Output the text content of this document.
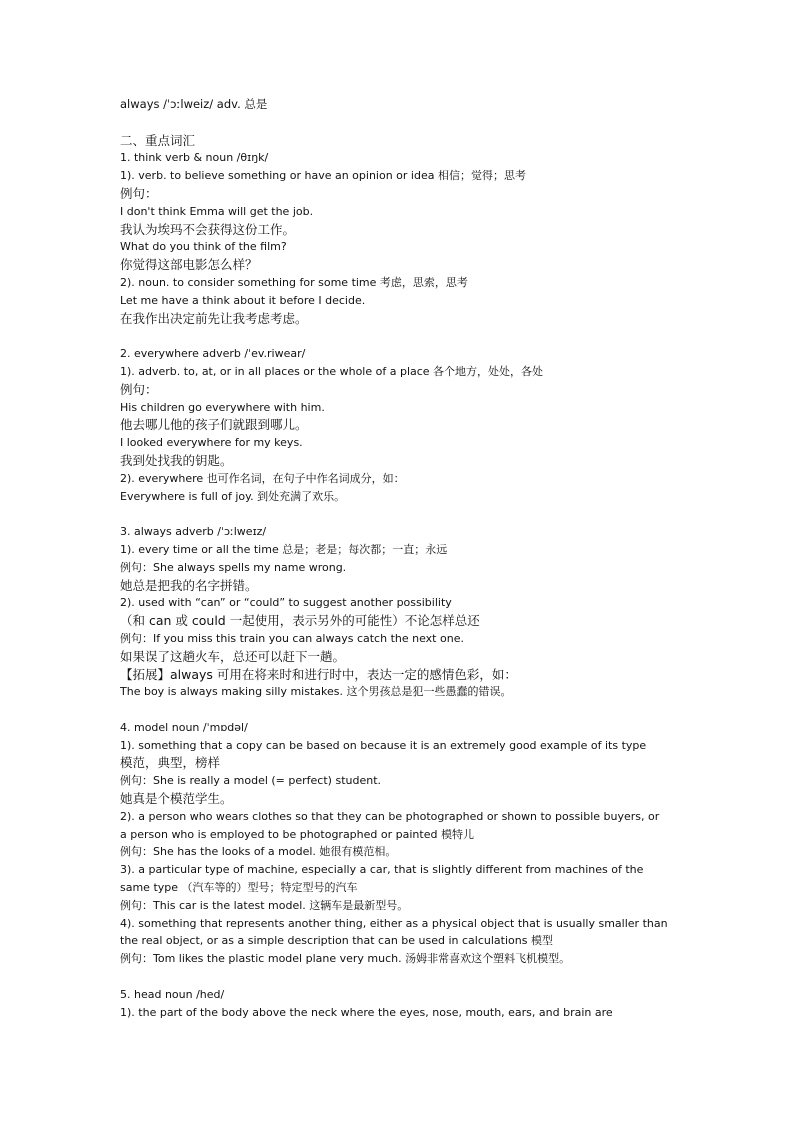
always /ˈɔːlweiz/ adv. 总是
二、重点词汇
1. think verb & noun /θɪŋk/
1). verb. to believe something or have an opinion or idea 相信；觉得；思考
例句：
I don't think Emma will get the job.
我认为埃玛不会获得这份工作。
What do you think of the film?
你觉得这部电影怎么样？
2). noun. to consider something for some time 考虑，思索，思考
Let me have a think about it before I decide.
在我作出决定前先让我考虑考虑。
2. everywhere adverb /ˈev.riwear/
1). adverb. to, at, or in all places or the whole of a place 各个地方，处处，各处
例句：
His children go everywhere with him.
他去哪儿他的孩子们就跟到哪儿。
I looked everywhere for my keys.
我到处找我的钥匙。
2). everywhere 也可作名词，在句子中作名词成分，如：
Everywhere is full of joy. 到处充满了欢乐。
3. always adverb /ˈɔːlweɪz/
1). every time or all the time 总是；老是；每次都；一直；永远
例句：She always spells my name wrong.
她总是把我的名字拼错。
2). used with “can” or “could” to suggest another possibility
（和 can 或 could 一起使用，表示另外的可能性）不论怎样总还
例句：If you miss this train you can always catch the next one.
如果误了这趟火车，总还可以赶下一趟。
【拓展】always 可用在将来时和进行时中，表达一定的感情色彩，如：
The boy is always making silly mistakes. 这个男孩总是犯一些愚蠢的错误。
4. model noun /ˈmɒdəl/
1). something that a copy can be based on because it is an extremely good example of its type
模范，典型，榜样
例句：She is really a model (= perfect) student.
她真是个模范学生。
2). a person who wears clothes so that they can be photographed or shown to possible buyers, or
a person who is employed to be photographed or painted 模特儿
例句：She has the looks of a model. 她很有模范相。
3). a particular type of machine, especially a car, that is slightly different from machines of the
same type （汽车等的）型号；特定型号的汽车
例句：This car is the latest model. 这辆车是最新型号。
4). something that represents another thing, either as a physical object that is usually smaller than
the real object, or as a simple description that can be used in calculations 模型
例句：Tom likes the plastic model plane very much. 汤姆非常喜欢这个塑料飞机模型。
5. head noun /hed/
1). the part of the body above the neck where the eyes, nose, mouth, ears, and brain are
